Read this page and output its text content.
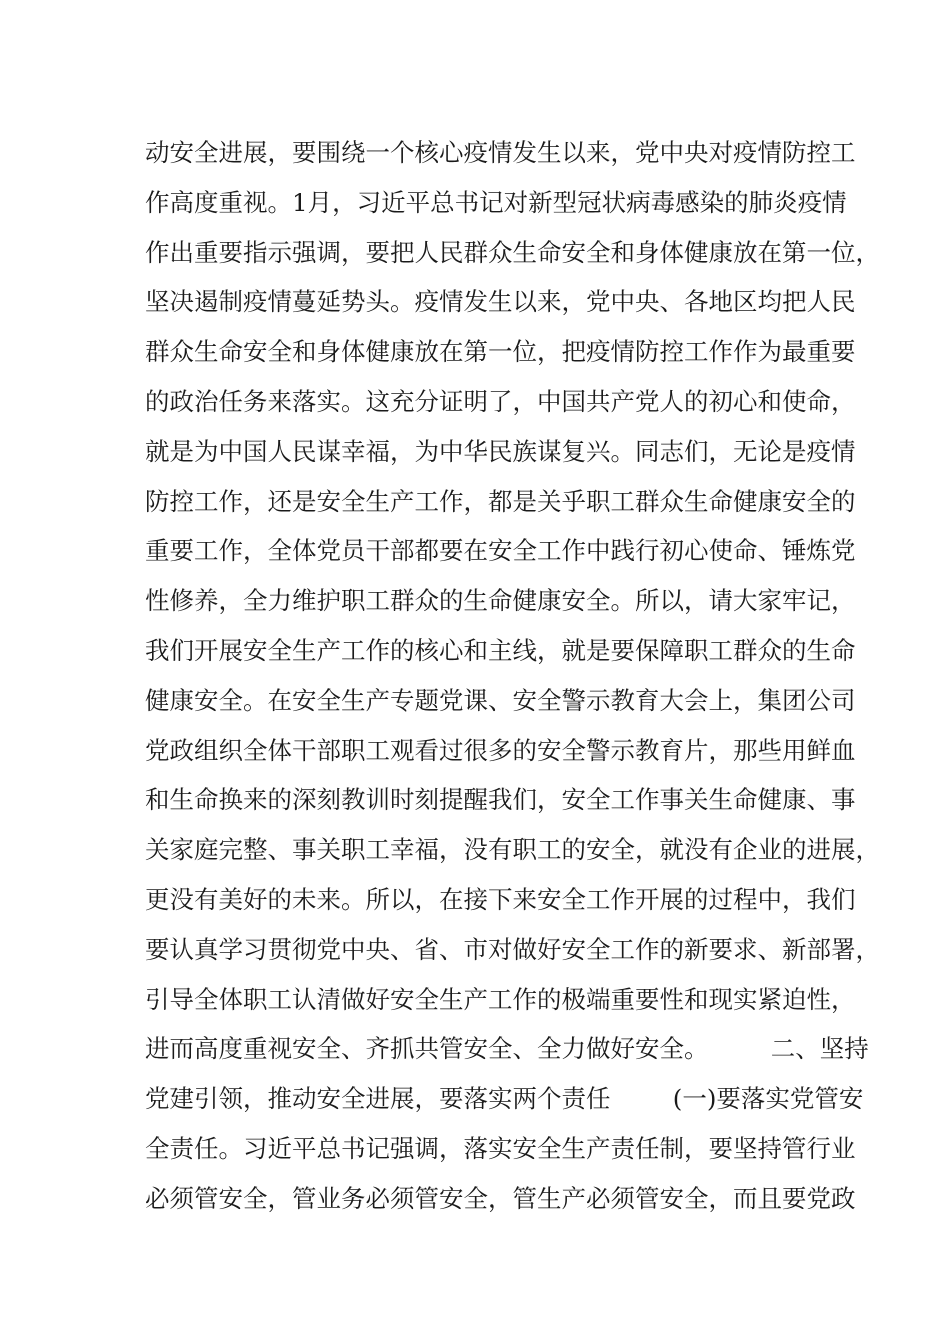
动安全进展，要围绕一个核心疫情发生以来，党中央对疫情防控工
作高度重视。1月，习近平总书记对新型冠状病毒感染的肺炎疫情
作出重要指示强调，要把人民群众生命安全和身体健康放在第一位，
坚决遏制疫情蔓延势头。疫情发生以来，党中央、各地区均把人民
群众生命安全和身体健康放在第一位，把疫情防控工作作为最重要
的政治任务来落实。这充分证明了，中国共产党人的初心和使命，
就是为中国人民谋幸福，为中华民族谋复兴。同志们，无论是疫情
防控工作，还是安全生产工作，都是关乎职工群众生命健康安全的
重要工作，全体党员干部都要在安全工作中践行初心使命、锤炼党
性修养，全力维护职工群众的生命健康安全。所以，请大家牢记，
我们开展安全生产工作的核心和主线，就是要保障职工群众的生命
健康安全。在安全生产专题党课、安全警示教育大会上，集团公司
党政组织全体干部职工观看过很多的安全警示教育片，那些用鲜血
和生命换来的深刻教训时刻提醒我们，安全工作事关生命健康、事
关家庭完整、事关职工幸福，没有职工的安全，就没有企业的进展，
更没有美好的未来。所以，在接下来安全工作开展的过程中，我们
要认真学习贯彻党中央、省、市对做好安全工作的新要求、新部署，
引导全体职工认清做好安全生产工作的极端重要性和现实紧迫性，
进而高度重视安全、齐抓共管安全、全力做好安全。        二、坚持
党建引领，推动安全进展，要落实两个责任        (一)要落实党管安
全责任。习近平总书记强调，落实安全生产责任制，要坚持管行业
必须管安全，管业务必须管安全，管生产必须管安全，而且要党政
